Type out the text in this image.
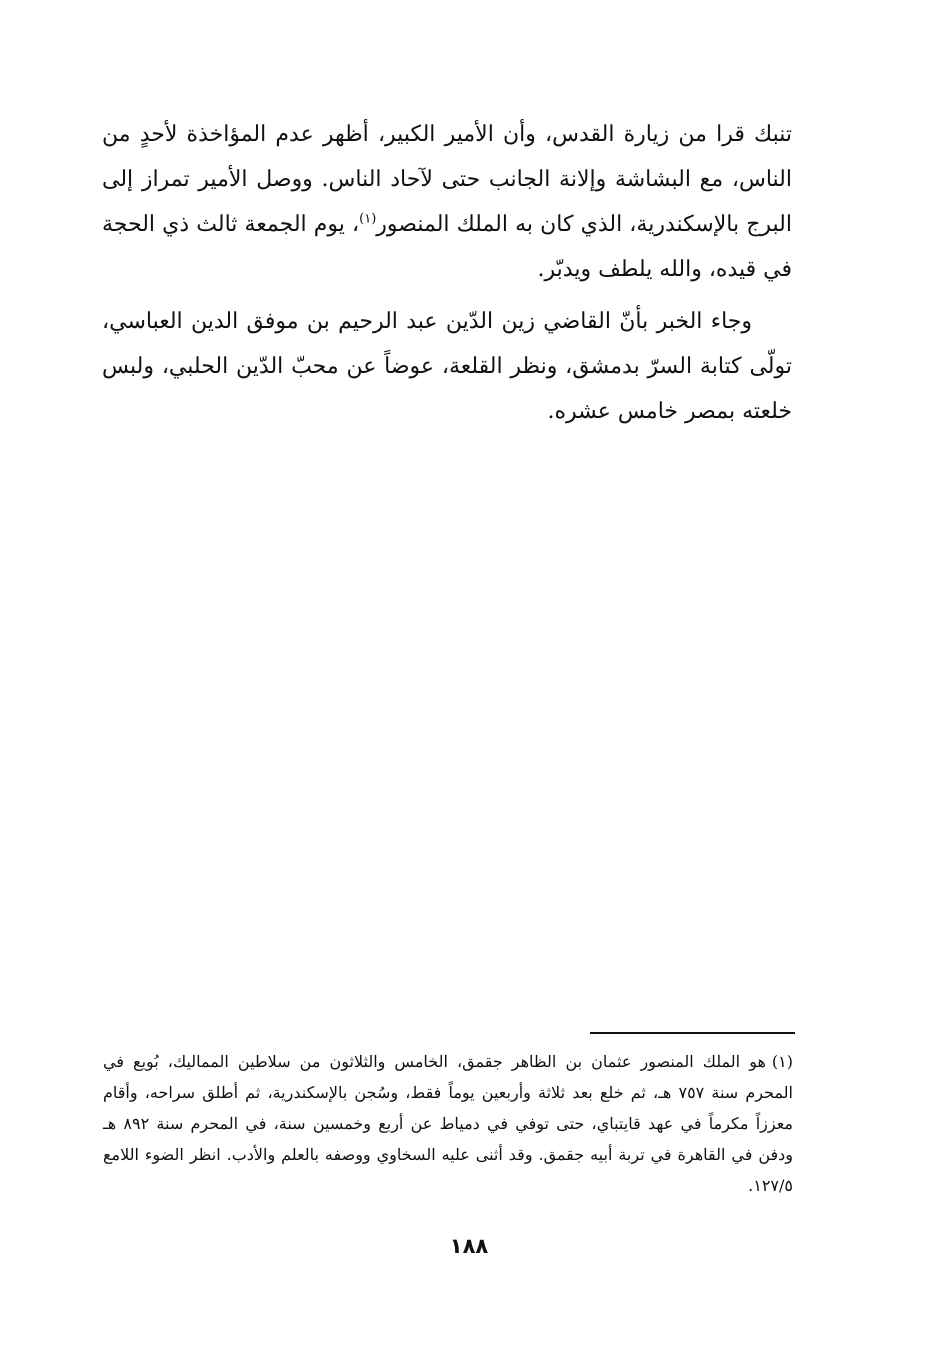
تنبك قرا من زيارة القدس، وأن الأمير الكبير، أظهر عدم المؤاخذة لأحدٍ من الناس، مع البشاشة وإلانة الجانب حتى لآحاد الناس. ووصل الأمير تمراز إلى البرج بالإسكندرية، الذي كان به الملك المنصور$^{(١)}$، يوم الجمعة ثالث ذي الحجة في قيده، والله يلطف ويدبّر.

وجاء الخبر بأنّ القاضي زين الدّين عبد الرحيم بن موفق الدين العباسي، تولّى كتابة السرّ بدمشق، ونظر القلعة، عوضاً عن محبّ الدّين الحلبي، ولبس خلعته بمصر خامس عشره.

(١)هو الملك المنصور عثمان بن الظاهر جقمق، الخامس والثلاثون من سلاطين المماليك، بُويع في المحرم سنة ٧٥٧ هـ، ثم خلع بعد ثلاثة وأربعين يوماً فقط، وسُجن بالإسكندرية، ثم أطلق سراحه، وأقام معززاً مكرماً في عهد قايتباي، حتى توفي في دمياط عن أربع وخمسين سنة، في المحرم سنة ٨٩٢ هـ ودفن في القاهرة في تربة أبيه جقمق. وقد أثنى عليه السخاوي ووصفه بالعلم والأدب. انظر الضوء اللامع ١٢٧/٥.

١٨٨
